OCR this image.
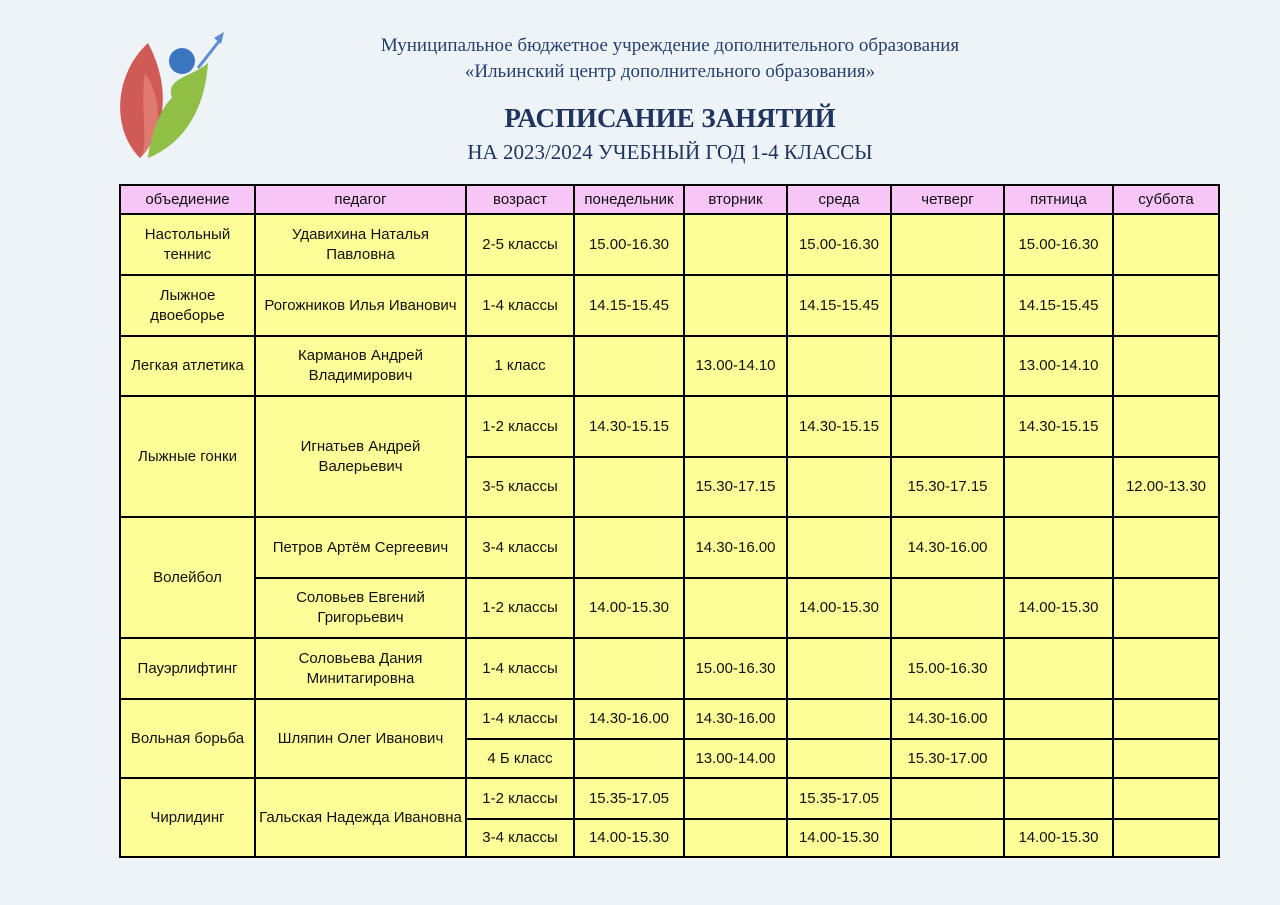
Муниципальное бюджетное учреждение дополнительного образования
«Ильинский центр дополнительного образования»
РАСПИСАНИЕ ЗАНЯТИЙ
НА 2023/2024 УЧЕБНЫЙ ГОД 1-4 КЛАССЫ
объедиение	педагог	возраст	понедельник	вторник	среда	четверг	пятница	суббота
Настольный теннис	Удавихина Наталья Павловна	2-5 классы	15.00-16.30		15.00-16.30		15.00-16.30	
Лыжное двоеборье	Рогожников Илья Иванович	1-4 классы	14.15-15.45		14.15-15.45		14.15-15.45	
Легкая атлетика	Карманов Андрей Владимирович	1 класс		13.00-14.10			13.00-14.10	
Лыжные гонки	Игнатьев Андрей Валерьевич	1-2 классы	14.30-15.15		14.30-15.15		14.30-15.15	
		3-5 классы		15.30-17.15		15.30-17.15		12.00-13.30
Волейбол	Петров Артём Сергеевич	3-4 классы		14.30-16.00		14.30-16.00		
	Соловьев Евгений Григорьевич	1-2 классы	14.00-15.30		14.00-15.30		14.00-15.30	
Пауэрлифтинг	Соловьева Дания Минитагировна	1-4 классы		15.00-16.30		15.00-16.30		
Вольная борьба	Шляпин Олег Иванович	1-4 классы	14.30-16.00	14.30-16.00		14.30-16.00		
		4 Б класс		13.00-14.00		15.30-17.00		
Чирлидинг	Гальская Надежда Ивановна	1-2 классы	15.35-17.05		15.35-17.05			
		3-4 классы	14.00-15.30		14.00-15.30		14.00-15.30	
